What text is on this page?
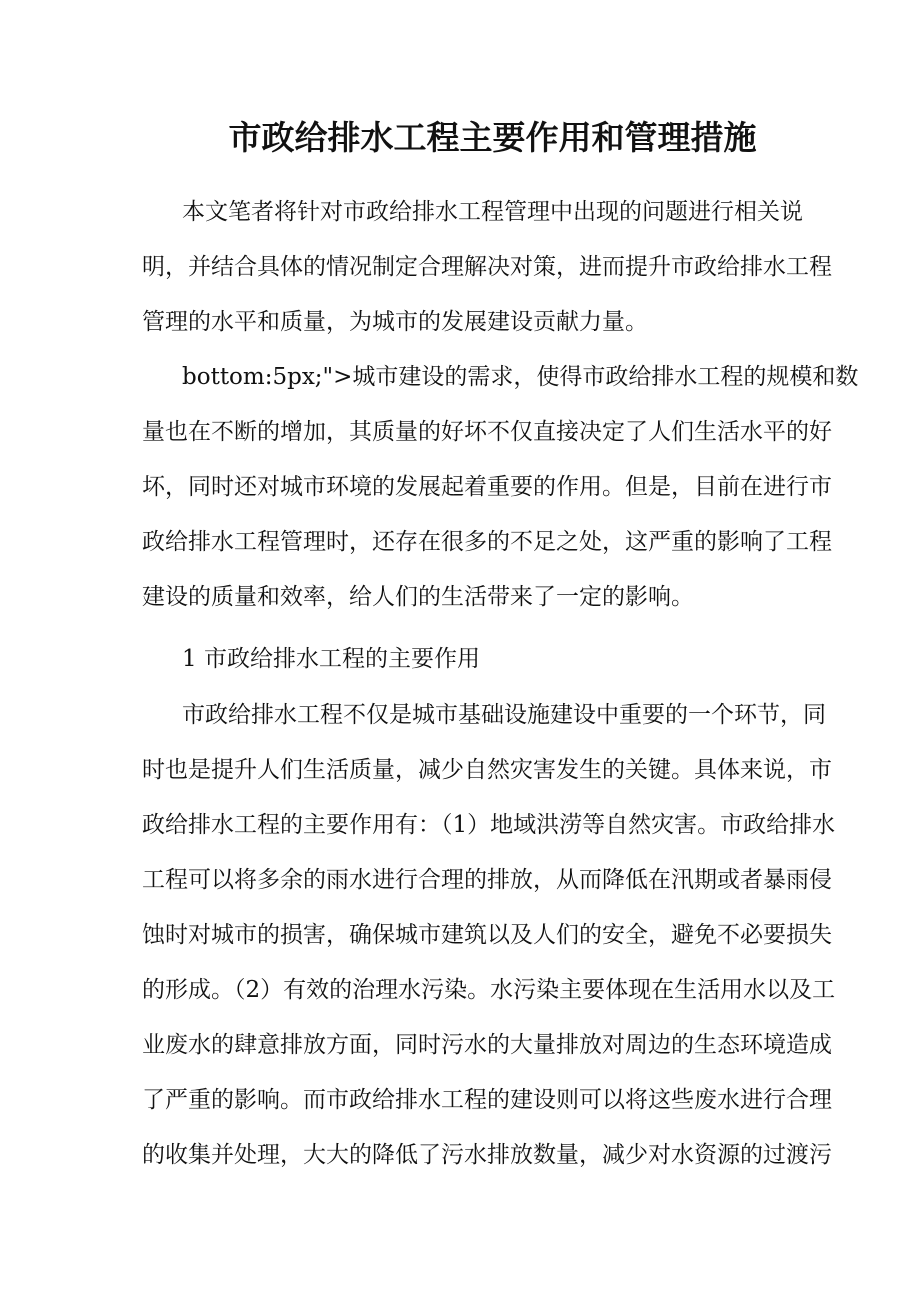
市政给排水工程主要作用和管理措施
本文笔者将针对市政给排水工程管理中出现的问题进行相关说
明，并结合具体的情况制定合理解决对策，进而提升市政给排水工程
管理的水平和质量，为城市的发展建设贡献力量。
bottom:5px;">城市建设的需求，使得市政给排水工程的规模和数
量也在不断的增加，其质量的好坏不仅直接决定了人们生活水平的好
坏，同时还对城市环境的发展起着重要的作用。但是，目前在进行市
政给排水工程管理时，还存在很多的不足之处，这严重的影响了工程
建设的质量和效率，给人们的生活带来了一定的影响。
1 市政给排水工程的主要作用
市政给排水工程不仅是城市基础设施建设中重要的一个环节，同
时也是提升人们生活质量，减少自然灾害发生的关键。具体来说，市
政给排水工程的主要作用有：（1）地域洪涝等自然灾害。市政给排水
工程可以将多余的雨水进行合理的排放，从而降低在汛期或者暴雨侵
蚀时对城市的损害，确保城市建筑以及人们的安全，避免不必要损失
的形成。（2）有效的治理水污染。水污染主要体现在生活用水以及工
业废水的肆意排放方面，同时污水的大量排放对周边的生态环境造成
了严重的影响。而市政给排水工程的建设则可以将这些废水进行合理
的收集并处理，大大的降低了污水排放数量，减少对水资源的过渡污
